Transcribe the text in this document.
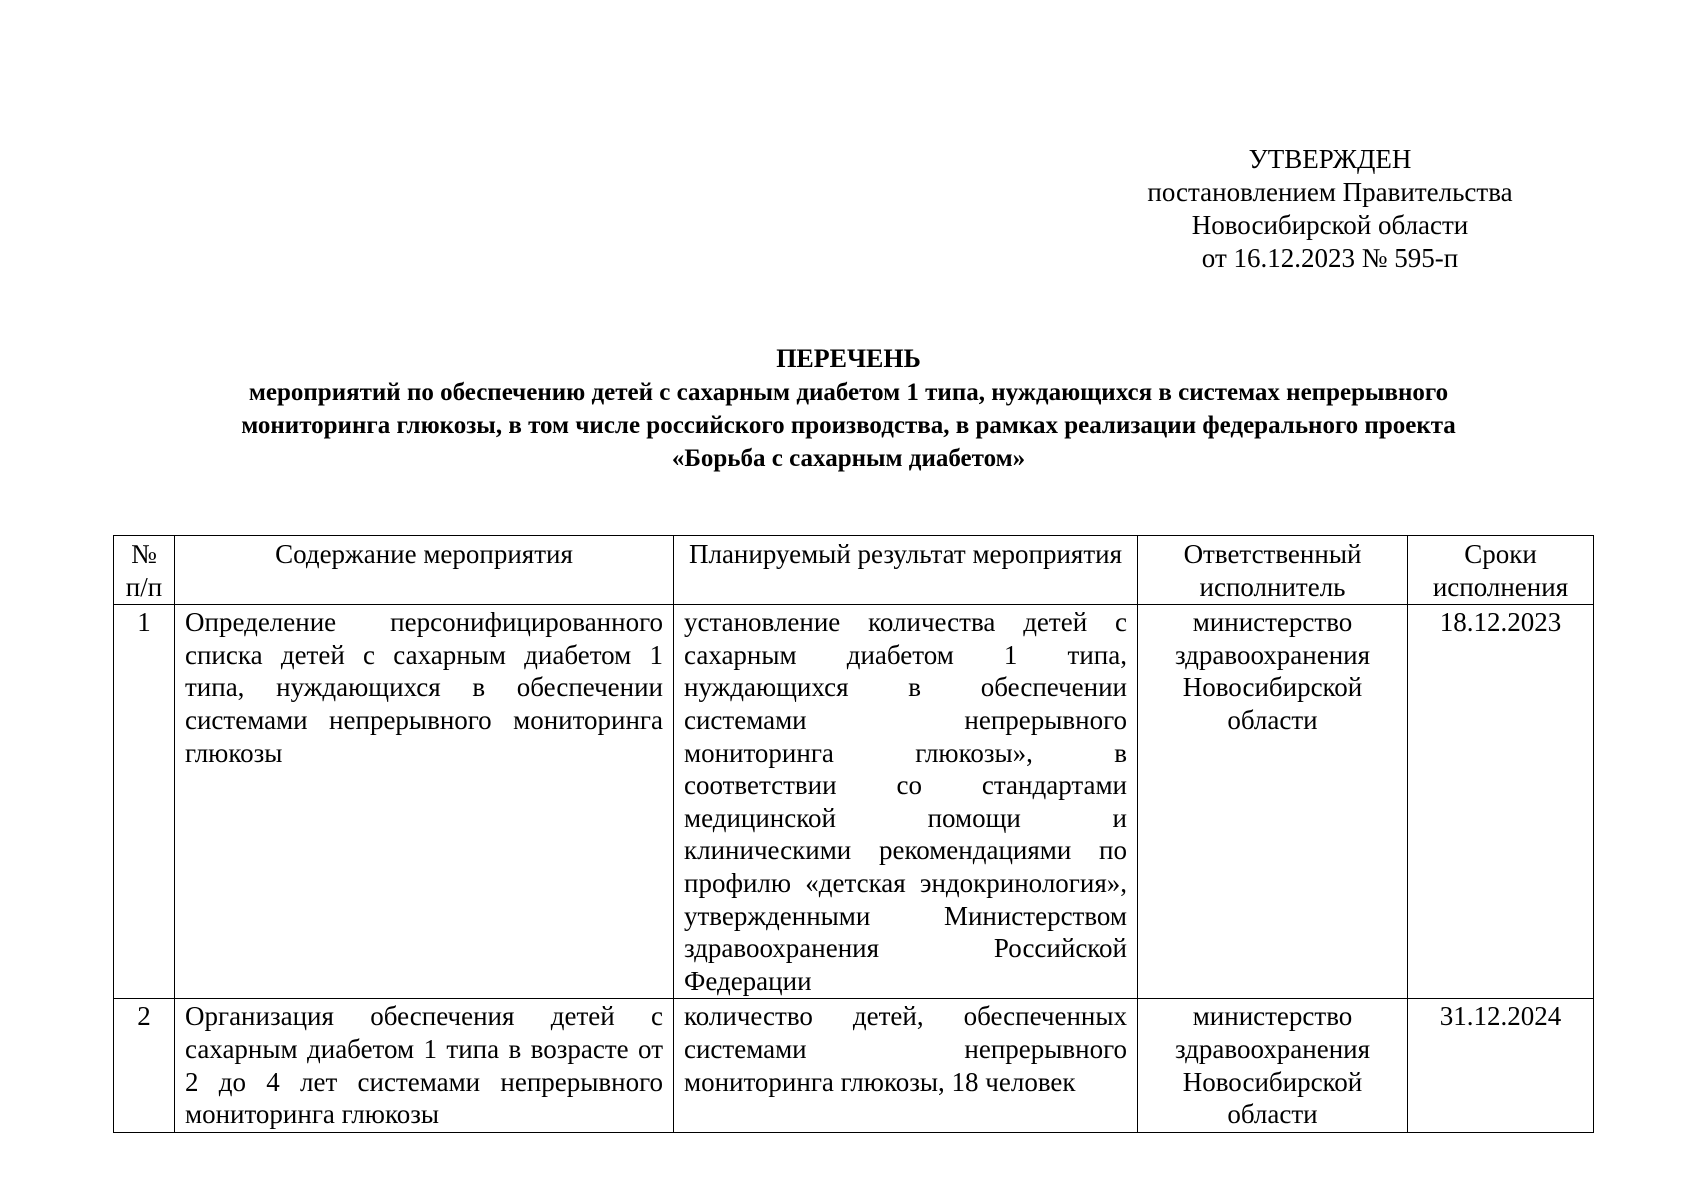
УТВЕРЖДЕН
постановлением Правительства
Новосибирской области
от 16.12.2023 № 595-п
ПЕРЕЧЕНЬ
мероприятий по обеспечению детей с сахарным диабетом 1 типа, нуждающихся в системах непрерывного
мониторинга глюкозы, в том числе российского производства, в рамках реализации федерального проекта
«Борьба с сахарным диабетом»
№ п/п	Содержание мероприятия	Планируемый результат мероприятия	Ответственный исполнитель	Сроки исполнения
1	Определение персонифицированного списка детей с сахарным диабетом 1 типа, нуждающихся в обеспечении системами непрерывного мониторинга глюкозы	установление количества детей с сахарным диабетом 1 типа, нуждающихся в обеспечении системами непрерывного мониторинга глюкозы», в соответствии со стандартами медицинской помощи и клиническими рекомендациями по профилю «детская эндокринология», утвержденными Министерством здравоохранения Российской Федерации	министерство здравоохранения Новосибирской области	18.12.2023
2	Организация обеспечения детей с сахарным диабетом 1 типа в возрасте от 2 до 4 лет системами непрерывного мониторинга глюкозы	количество детей, обеспеченных системами непрерывного мониторинга глюкозы, 18 человек	министерство здравоохранения Новосибирской области	31.12.2024
